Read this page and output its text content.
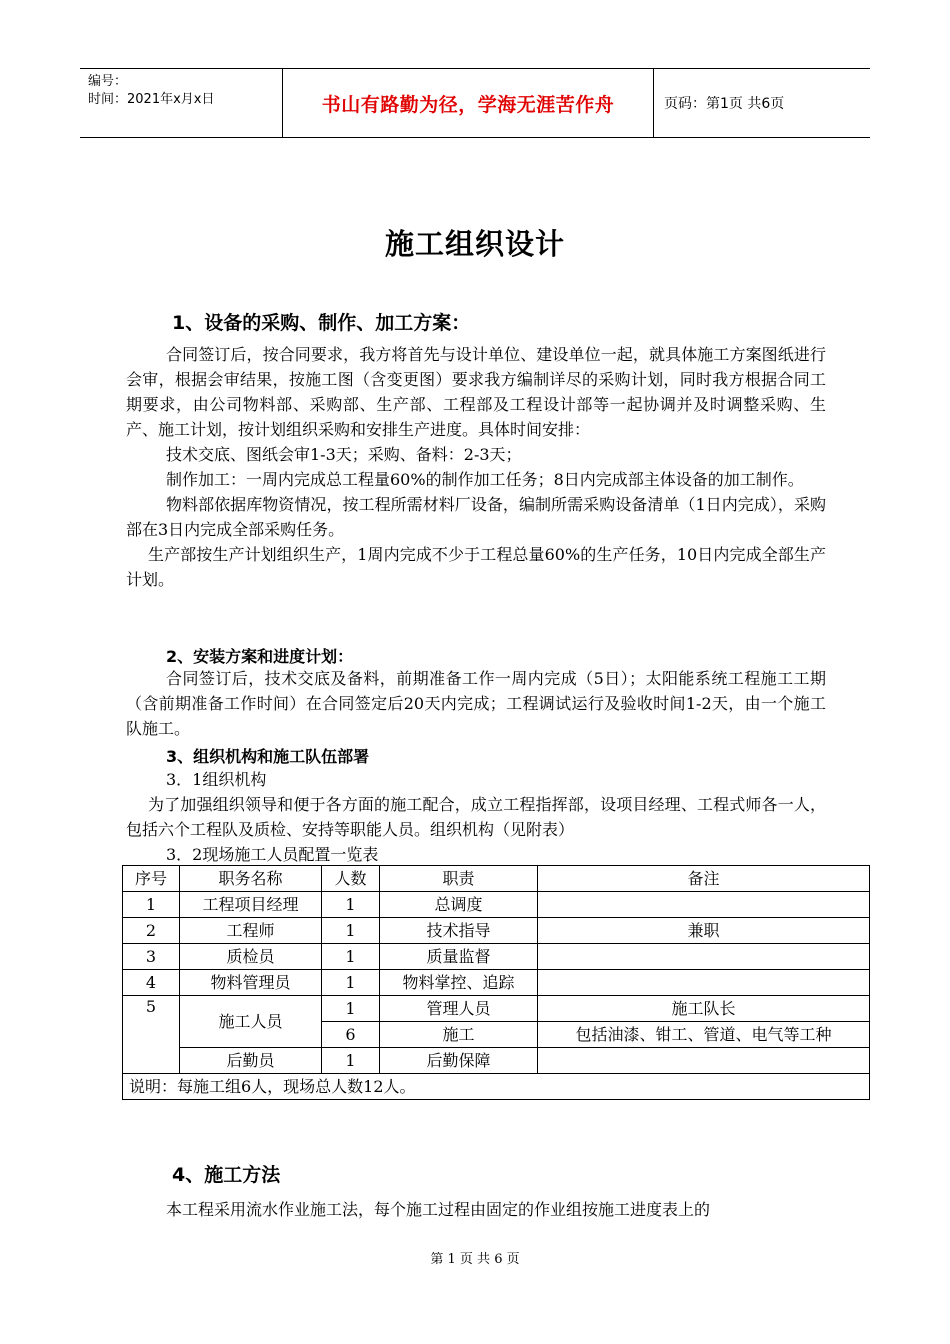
编号：
时间：2021年x月x日	书山有路勤为径，学海无涯苦作舟	页码：第1页 共6页
施工组织设计
1、设备的采购、制作、加工方案：

合同签订后，按合同要求，我方将首先与设计单位、建设单位一起，就具体施工方案图纸进行会审，根据会审结果，按施工图（含变更图）要求我方编制详尽的采购计划，同时我方根据合同工期要求，由公司物料部、采购部、生产部、工程部及工程设计部等一起协调并及时调整采购、生产、施工计划，按计划组织采购和安排生产进度。具体时间安排：

技术交底、图纸会审1-3天；采购、备料：2-3天；

制作加工：一周内完成总工程量60%的制作加工任务；8日内完成部主体设备的加工制作。

物料部依据库物资情况，按工程所需材料厂设备，编制所需采购设备清单（1日内完成），采购部在3日内完成全部采购任务。

生产部按生产计划组织生产，1周内完成不少于工程总量60%的生产任务，10日内完成全部生产计划。

2、安装方案和进度计划：

合同签订后，技术交底及备料，前期准备工作一周内完成（5日）；太阳能系统工程施工工期（含前期准备工作时间）在合同签定后20天内完成；工程调试运行及验收时间1-2天，由一个施工队施工。

3、组织机构和施工队伍部署
3．1组织机构

为了加强组织领导和便于各方面的施工配合，成立工程指挥部，设项目经理、工程式师各一人，包括六个工程队及质检、安持等职能人员。组织机构（见附表）

3．2现场施工人员配置一览表
序号	职务名称	人数	职责	备注
1	工程项目经理	1	总调度	
2	工程师	1	技术指导	兼职
3	质检员	1	质量监督	
4	物料管理员	1	物料掌控、追踪	
5	施工人员	1	管理人员	施工队长
		6	施工	包括油漆、钳工、管道、电气等工种
	后勤员	1	后勤保障	
说明：每施工组6人，现场总人数12人。				
4、施工方法

本工程采用流水作业施工法，每个施工过程由固定的作业组按施工进度表上的

第 1 页 共 6 页
